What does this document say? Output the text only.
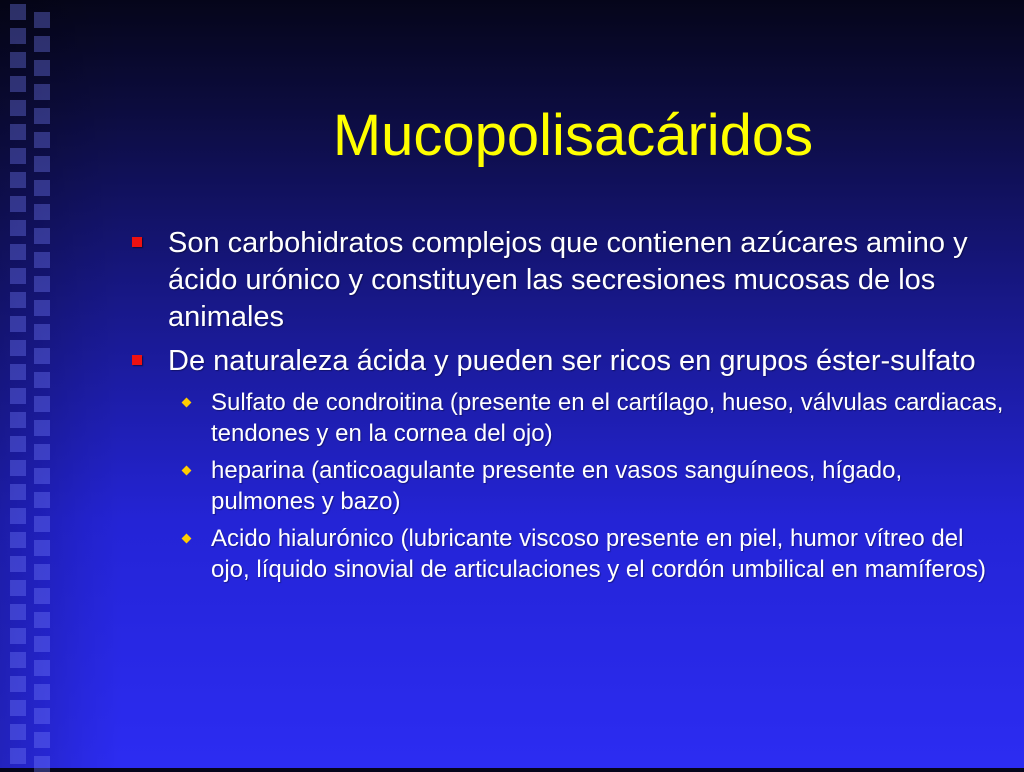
Mucopolisacáridos
Son carbohidratos complejos que contienen azúcares amino y ácido urónico y constituyen las secresiones mucosas de los animales
De naturaleza ácida y pueden ser ricos en grupos éster-sulfato
Sulfato de condroitina (presente en el cartílago, hueso, válvulas cardiacas, tendones y en la cornea del ojo)
heparina (anticoagulante presente en vasos sanguíneos, hígado, pulmones y bazo)
Acido hialurónico (lubricante viscoso presente en piel, humor vítreo del ojo, líquido sinovial de articulaciones y el cordón umbilical en mamíferos)
